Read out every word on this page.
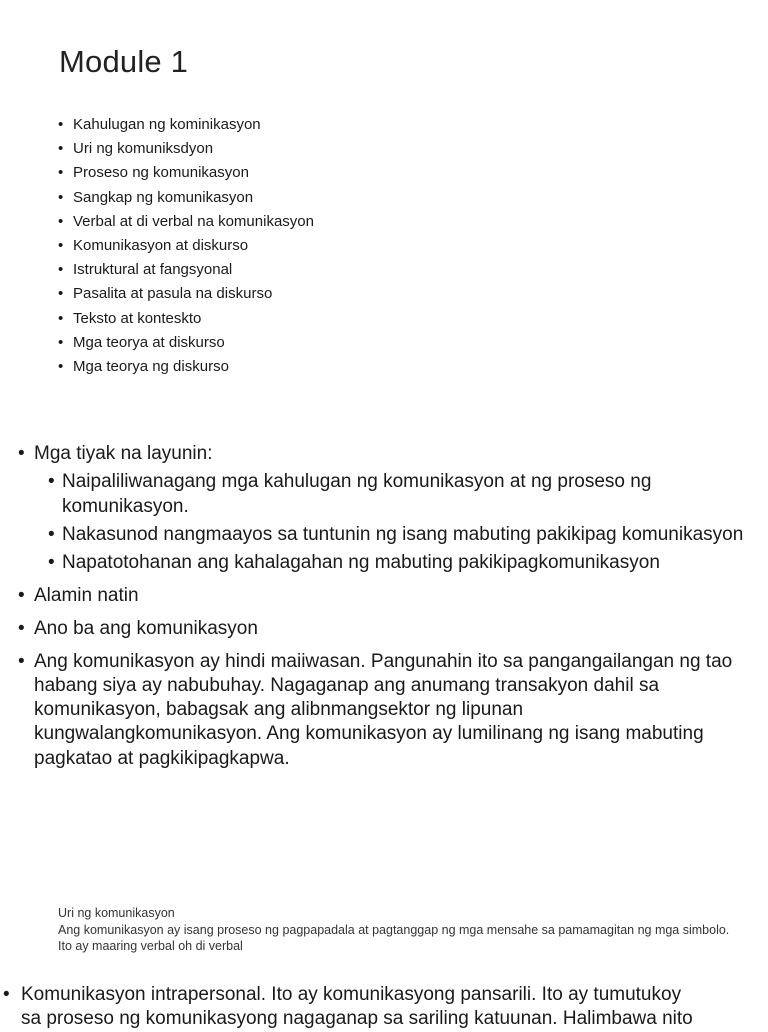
Module 1
• Kahulugan ng kominikasyon
• Uri ng komuniksdyon
• Proseso ng komunikasyon
• Sangkap ng komunikasyon
• Verbal at di verbal na komunikasyon
• Komunikasyon at diskurso
• Istruktural at fangsyonal
• Pasalita at pasula na diskurso
• Teksto at konteskto
• Mga teorya at diskurso
• Mga teorya ng diskurso
• Mga tiyak na layunin:
• Naipaliliwanagang mga kahulugan ng komunikasyon at ng proseso ng komunikasyon.
• Nakasunod nangmaayos sa tuntunin ng isang mabuting pakikipag komunikasyon
• Napatotohanan ang kahalagahan ng mabuting pakikipagkomunikasyon
• Alamin natin
• Ano ba ang komunikasyon
• Ang komunikasyon ay hindi maiiwasan. Pangunahin ito sa pangangailangan ng tao habang siya ay nabubuhay. Nagaganap ang anumang transakyon dahil sa komunikasyon, babagsak ang alibnmangsektor ng lipunan kungwalangkomunikasyon. Ang komunikasyon ay lumilinang ng isang mabuting pagkatao at pagkikipagkapwa.

Uri ng komunikasyon

Ang komunikasyon ay isang proseso ng pagpapadala at pagtanggap ng mga mensahe sa pamamagitan ng mga simbolo. Ito ay maaring verbal oh di verbal

• Komunikasyon intrapersonal. Ito ay komunikasyong pansarili. Ito ay tumutukoy
sa proseso ng komunikasyong nagaganap sa sariling katuunan. Halimbawa nito
